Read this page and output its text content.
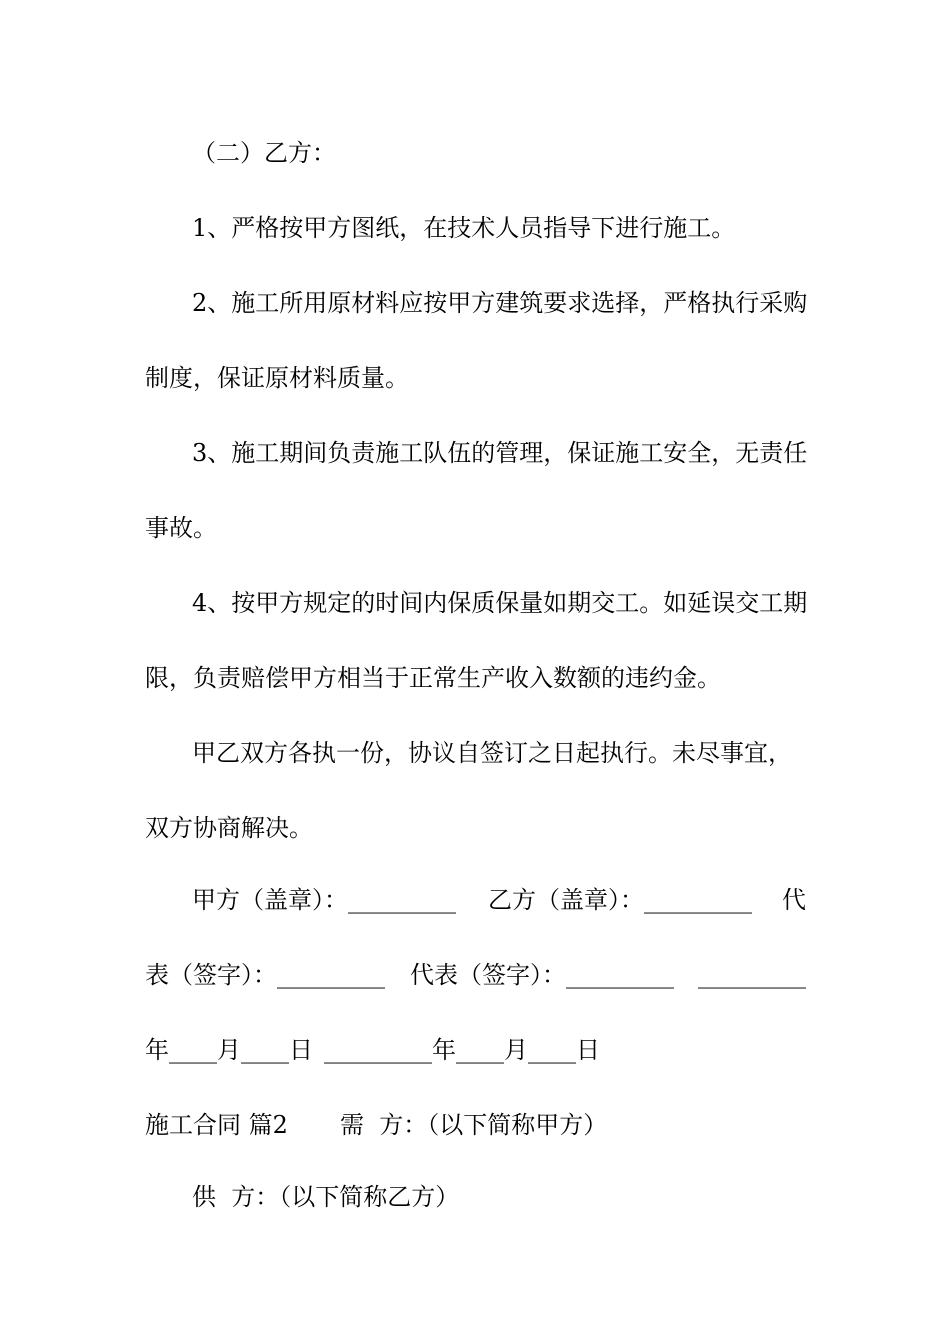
（二）乙方：

1、严格按甲方图纸，在技术人员指导下进行施工。

2、施工所用原材料应按甲方建筑要求选择，严格执行采购

制度，保证原材料质量。

3、施工期间负责施工队伍的管理，保证施工安全，无责任

事故。

4、按甲方规定的时间内保质保量如期交工。如延误交工期

限，负责赔偿甲方相当于正常生产收入数额的违约金。

甲乙双方各执一份，协议自签订之日起执行。未尽事宜，

双方协商解决。

甲方（盖章）：_________

乙方（盖章）：_________

代

表（签字）：_________

代表（签字）：_________

_________

年____月____日

_________年____月____日

施工合同 篇2

需  方：（以下简称甲方）

供  方：（以下简称乙方）
